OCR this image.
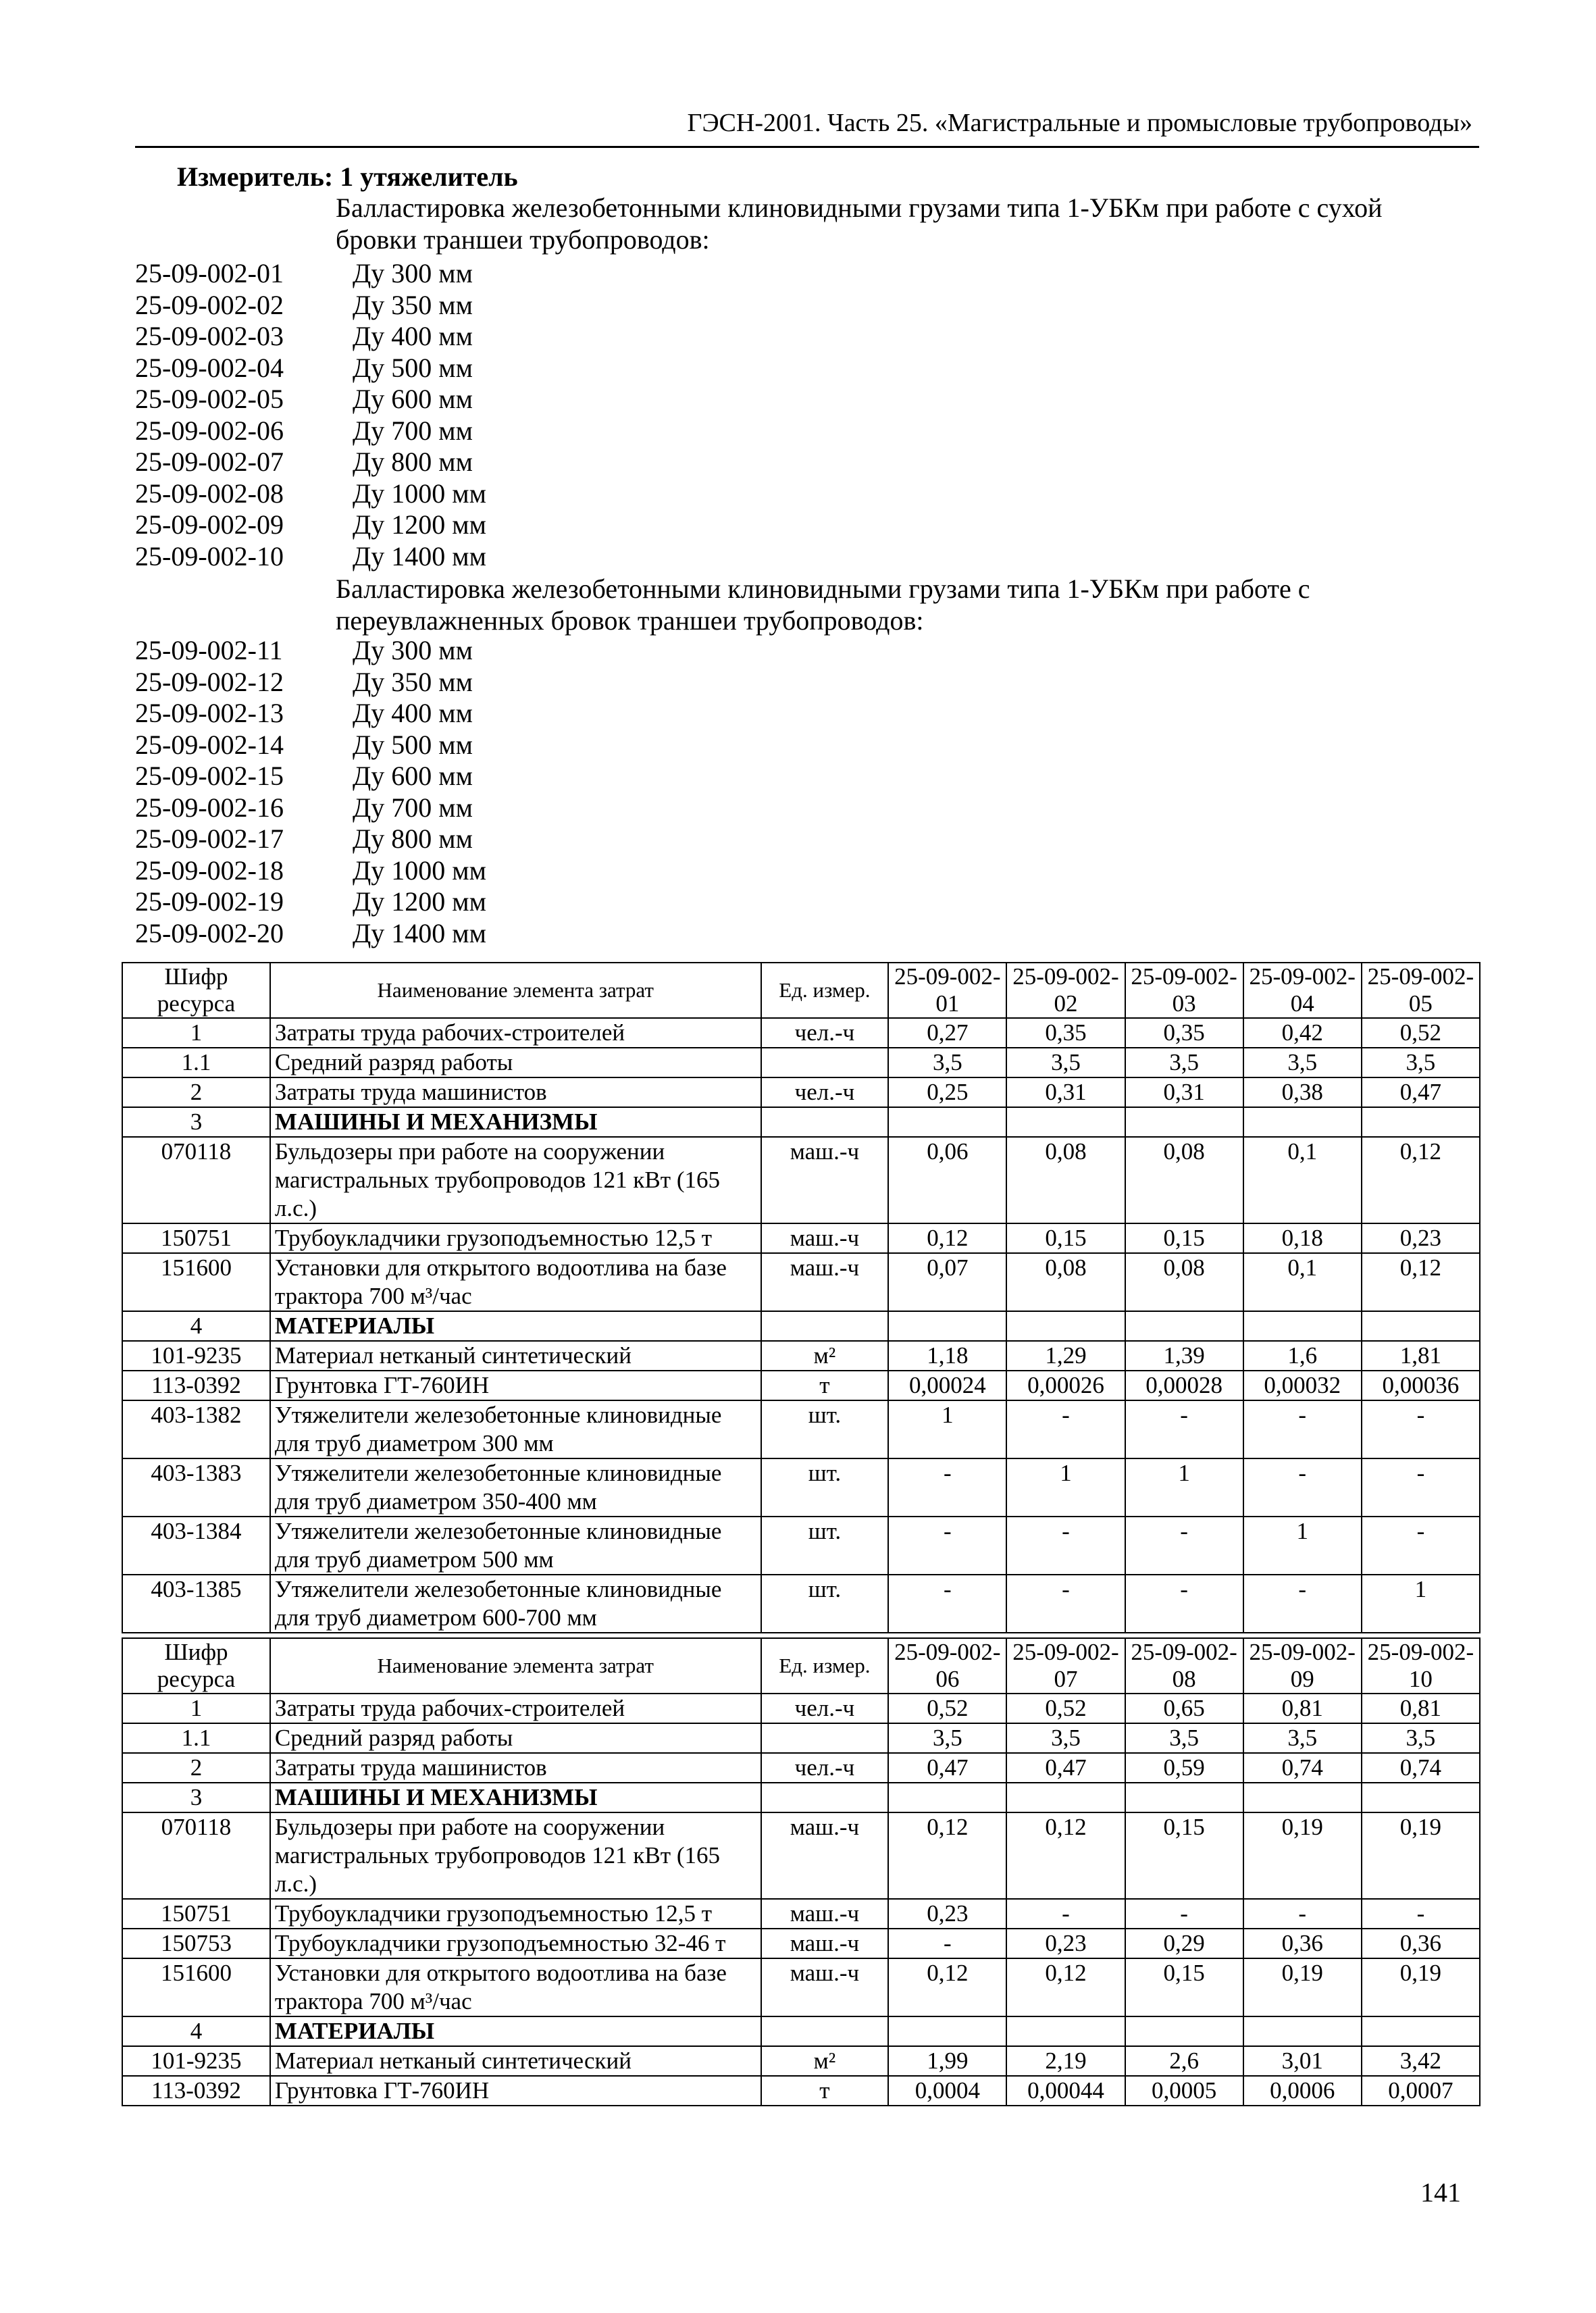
ГЭСН-2001. Часть 25. «Магистральные и промысловые трубопроводы»
Измеритель: 1 утяжелитель
Балластировка железобетонными клиновидными грузами типа 1-УБКм при работе с сухой бровки траншеи трубопроводов:
25-09-002-01	Ду 300 мм
25-09-002-02	Ду 350 мм
25-09-002-03	Ду 400 мм
25-09-002-04	Ду 500 мм
25-09-002-05	Ду 600 мм
25-09-002-06	Ду 700 мм
25-09-002-07	Ду 800 мм
25-09-002-08	Ду 1000 мм
25-09-002-09	Ду 1200 мм
25-09-002-10	Ду 1400 мм
Балластировка железобетонными клиновидными грузами типа 1-УБКм при работе с переувлажненных бровок траншеи трубопроводов:
25-09-002-11	Ду 300 мм
25-09-002-12	Ду 350 мм
25-09-002-13	Ду 400 мм
25-09-002-14	Ду 500 мм
25-09-002-15	Ду 600 мм
25-09-002-16	Ду 700 мм
25-09-002-17	Ду 800 мм
25-09-002-18	Ду 1000 мм
25-09-002-19	Ду 1200 мм
25-09-002-20	Ду 1400 мм
Шифр ресурса	Наименование элемента затрат	Ед. измер.	25-09-002-01	25-09-002-02	25-09-002-03	25-09-002-04	25-09-002-05
1	Затраты труда рабочих-строителей	чел.-ч	0,27	0,35	0,35	0,42	0,52
1.1	Средний разряд работы		3,5	3,5	3,5	3,5	3,5
2	Затраты труда машинистов	чел.-ч	0,25	0,31	0,31	0,38	0,47
3	МАШИНЫ И МЕХАНИЗМЫ						
070118	Бульдозеры при работе на сооружении магистральных трубопроводов 121 кВт (165 л.с.)	маш.-ч	0,06	0,08	0,08	0,1	0,12
150751	Трубоукладчики грузоподъемностью 12,5 т	маш.-ч	0,12	0,15	0,15	0,18	0,23
151600	Установки для открытого водоотлива на базе трактора 700 м³/час	маш.-ч	0,07	0,08	0,08	0,1	0,12
4	МАТЕРИАЛЫ						
101-9235	Материал нетканый синтетический	м²	1,18	1,29	1,39	1,6	1,81
113-0392	Грунтовка ГТ-760ИН	т	0,00024	0,00026	0,00028	0,00032	0,00036
403-1382	Утяжелители железобетонные клиновидные для труб диаметром 300 мм	шт.	1	-	-	-	-
403-1383	Утяжелители железобетонные клиновидные для труб диаметром 350-400 мм	шт.	-	1	1	-	-
403-1384	Утяжелители железобетонные клиновидные для труб диаметром 500 мм	шт.	-	-	-	1	-
403-1385	Утяжелители железобетонные клиновидные для труб диаметром 600-700 мм	шт.	-	-	-	-	1
Шифр ресурса	Наименование элемента затрат	Ед. измер.	25-09-002-06	25-09-002-07	25-09-002-08	25-09-002-09	25-09-002-10
1	Затраты труда рабочих-строителей	чел.-ч	0,52	0,52	0,65	0,81	0,81
1.1	Средний разряд работы		3,5	3,5	3,5	3,5	3,5
2	Затраты труда машинистов	чел.-ч	0,47	0,47	0,59	0,74	0,74
3	МАШИНЫ И МЕХАНИЗМЫ						
070118	Бульдозеры при работе на сооружении магистральных трубопроводов 121 кВт (165 л.с.)	маш.-ч	0,12	0,12	0,15	0,19	0,19
150751	Трубоукладчики грузоподъемностью 12,5 т	маш.-ч	0,23	-	-	-	-
150753	Трубоукладчики грузоподъемностью 32-46 т	маш.-ч	-	0,23	0,29	0,36	0,36
151600	Установки для открытого водоотлива на базе трактора 700 м³/час	маш.-ч	0,12	0,12	0,15	0,19	0,19
4	МАТЕРИАЛЫ						
101-9235	Материал нетканый синтетический	м²	1,99	2,19	2,6	3,01	3,42
113-0392	Грунтовка ГТ-760ИН	т	0,0004	0,00044	0,0005	0,0006	0,0007
141
